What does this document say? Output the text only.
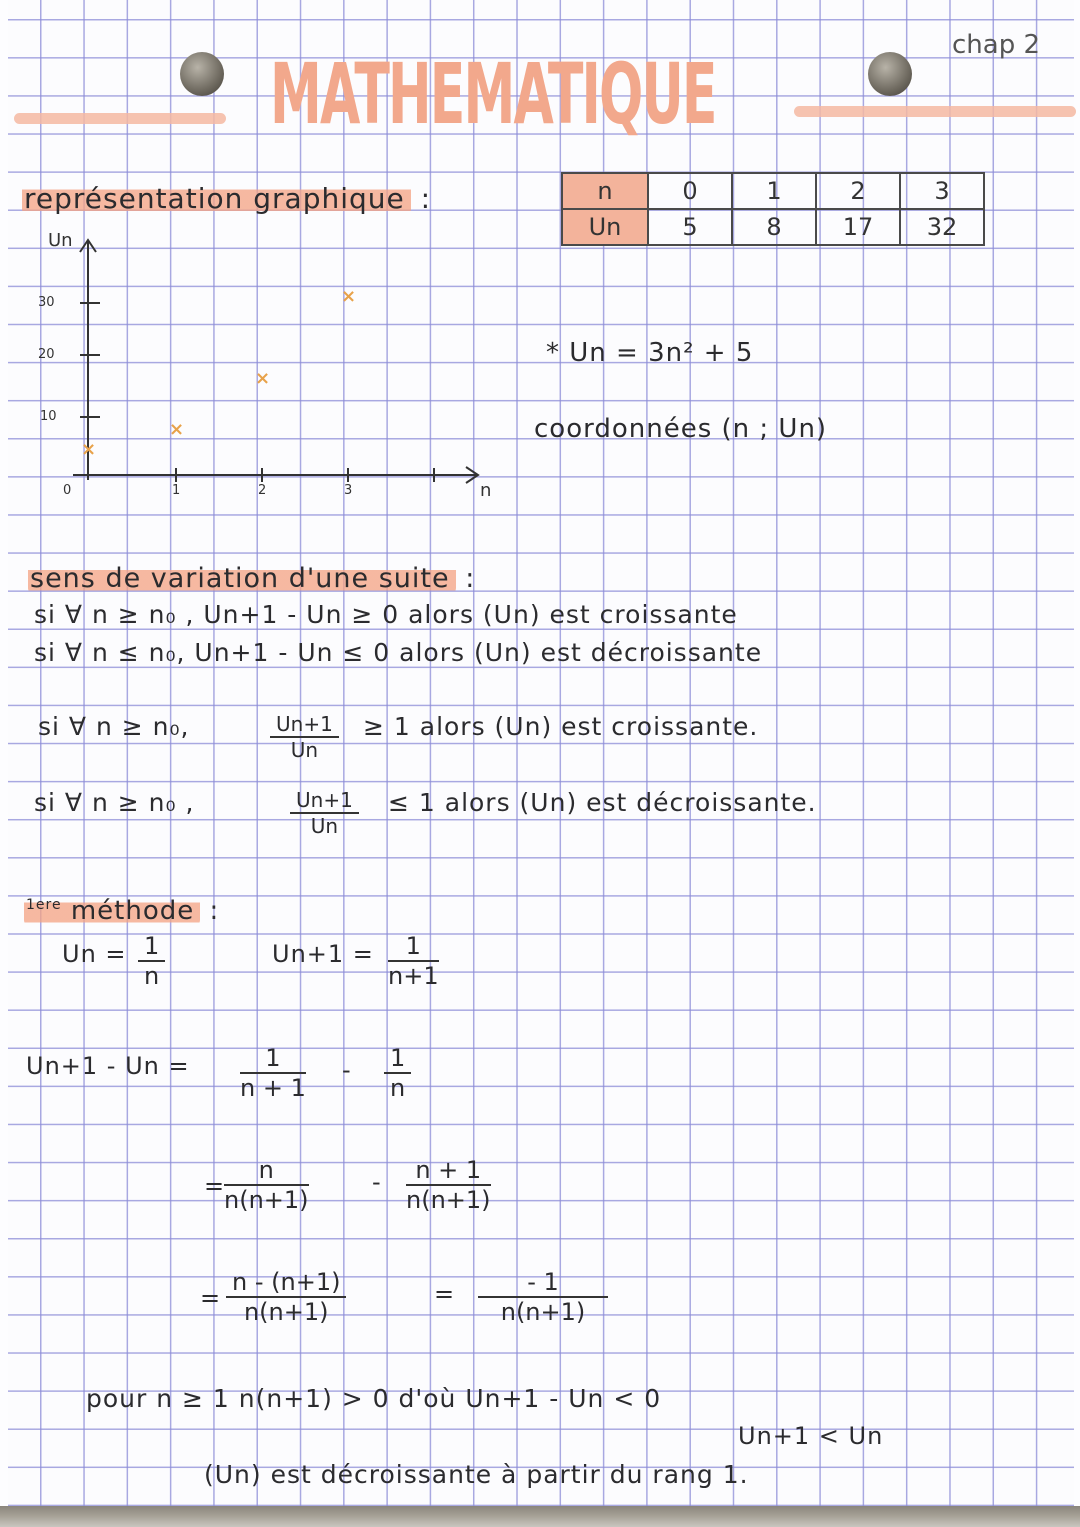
MATHEMATIQUE	chap 2
représentation graphique :	n	0	1	2	3
Un	5	8	17	32
Un
n
30
20
10
0	1	2	3
×
×
×
×
* Un = 3n² + 5
coordonnées (n ; Un)
sens de variation d'une suite :
si ∀ n ≥ n₀ , Un+1 - Un ≥ 0 alors (Un) est croissante
si ∀ n ≤ n₀, Un+1 - Un ≤ 0 alors (Un) est décroissante
si ∀ n ≥ n₀,	$\frac{Un+1}{Un} \ge 1$ alors (Un) est croissante.
si ∀ n ≥ n₀ ,	$\frac{Un+1}{Un} \le 1$ alors (Un) est décroissante.
$^{1ere}$ méthode :
$Un = \frac{1}{n}$	$Un+1 = \frac{1}{n+1}$
$Un+1 - Un = \frac{1}{n + 1} - \frac{1}{n}$
=
$\frac{n}{n(n+1)}$	- $\frac{n + 1}{n(n+1)}$
= $\frac{n - (n+1)}{n(n+1)}$	= $\frac{- 1}{n(n+1)}$
pour n ≥ 1 n(n+1) > 0 d'où Un+1 - Un < 0
Un+1 < Un
(Un) est décroissante à partir du rang 1.
